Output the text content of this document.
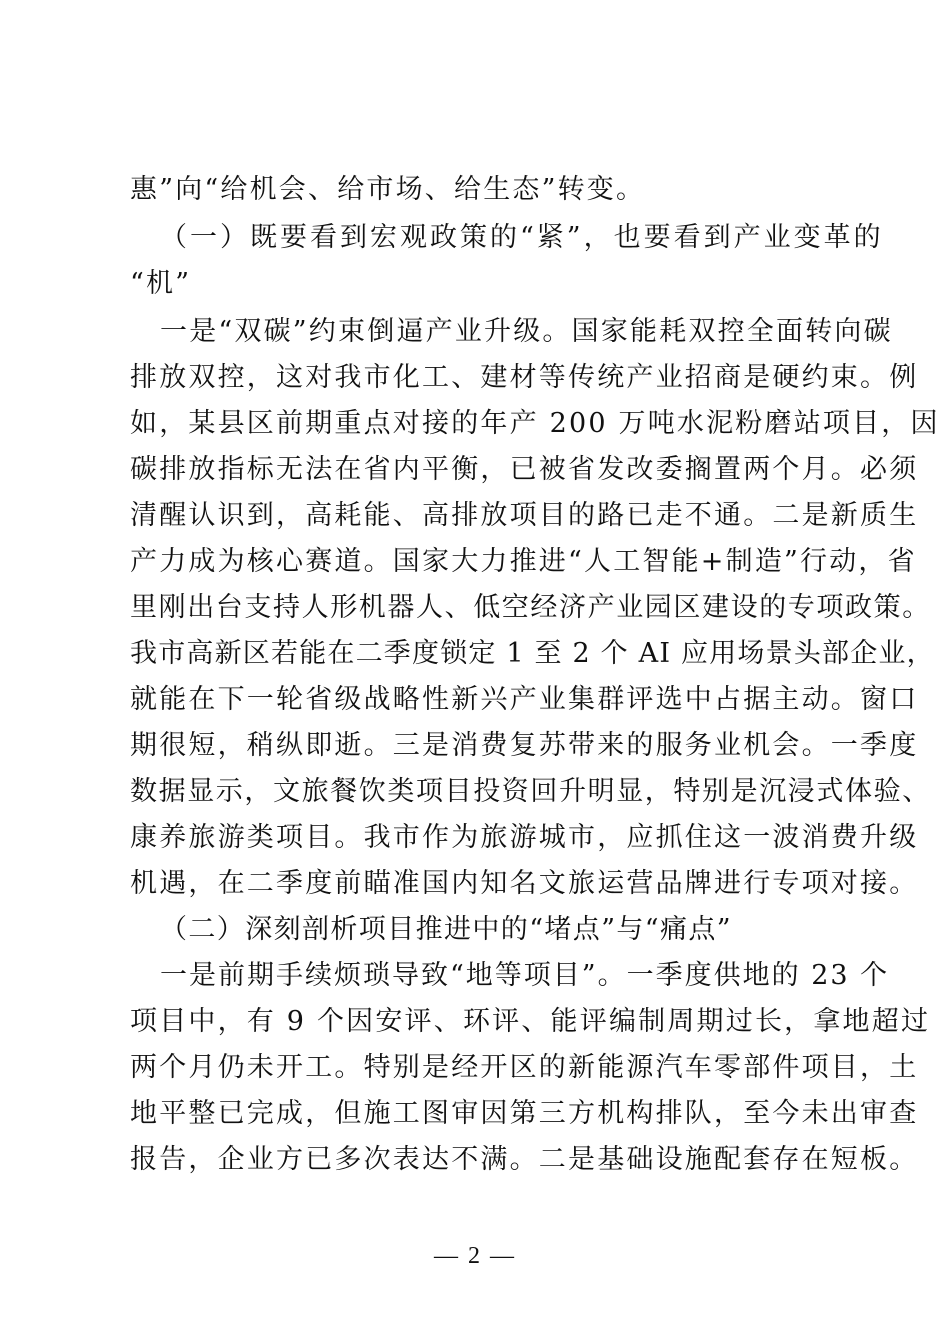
惠”向“给机会、给市场、给生态”转变。
（一）既要看到宏观政策的“紧”，也要看到产业变革的
“机”
一是“双碳”约束倒逼产业升级。国家能耗双控全面转向碳
排放双控，这对我市化工、建材等传统产业招商是硬约束。例
如，某县区前期重点对接的年产 200 万吨水泥粉磨站项目，因
碳排放指标无法在省内平衡，已被省发改委搁置两个月。必须
清醒认识到，高耗能、高排放项目的路已走不通。二是新质生
产力成为核心赛道。国家大力推进“人工智能+制造”行动，省
里刚出台支持人形机器人、低空经济产业园区建设的专项政策。
我市高新区若能在二季度锁定 1 至 2 个 AI 应用场景头部企业，
就能在下一轮省级战略性新兴产业集群评选中占据主动。窗口
期很短，稍纵即逝。三是消费复苏带来的服务业机会。一季度
数据显示，文旅餐饮类项目投资回升明显，特别是沉浸式体验、
康养旅游类项目。我市作为旅游城市，应抓住这一波消费升级
机遇，在二季度前瞄准国内知名文旅运营品牌进行专项对接。
（二）深刻剖析项目推进中的“堵点”与“痛点”
一是前期手续烦琐导致“地等项目”。一季度供地的 23 个
项目中，有 9 个因安评、环评、能评编制周期过长，拿地超过
两个月仍未开工。特别是经开区的新能源汽车零部件项目，土
地平整已完成，但施工图审因第三方机构排队，至今未出审查
报告，企业方已多次表达不满。二是基础设施配套存在短板。
— 2 —
